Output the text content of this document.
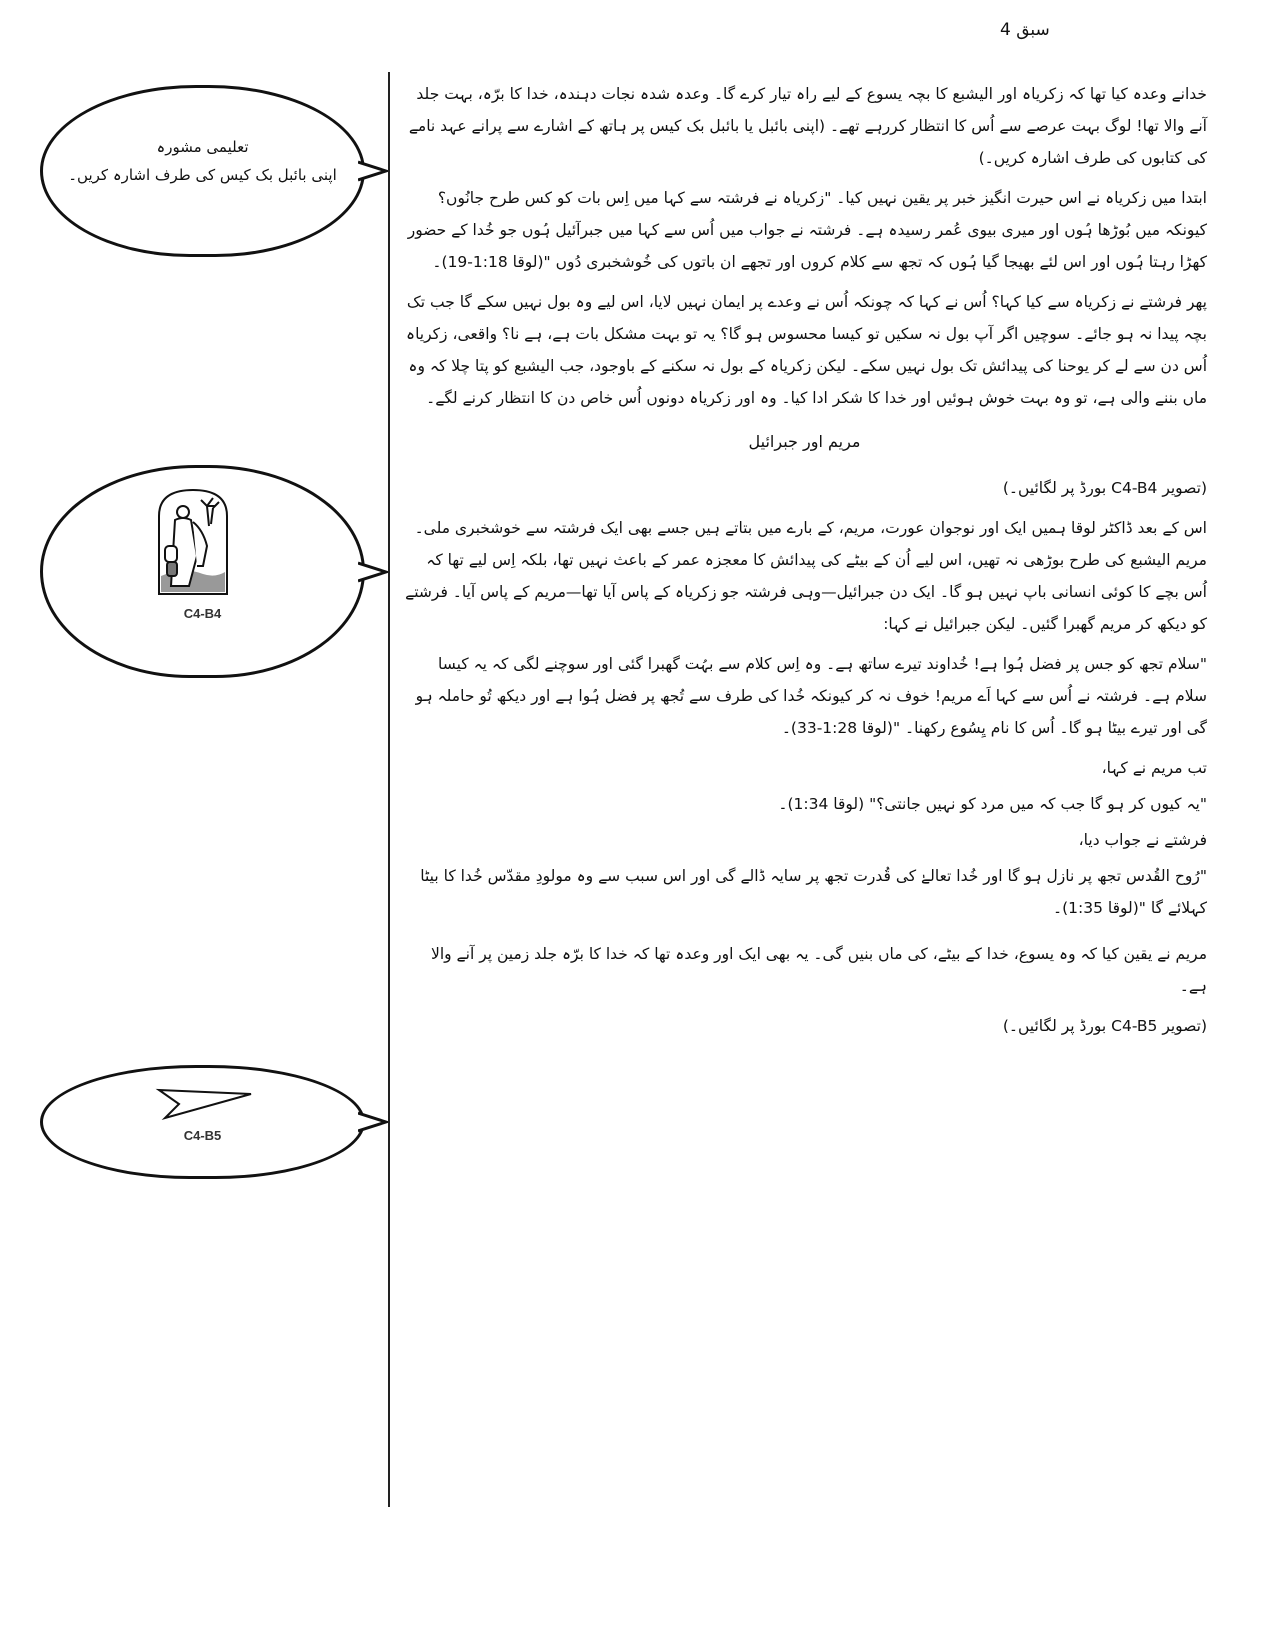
سبق 4
تعلیمی مشورہ
اپنی بائبل بک کیس کی طرف اشارہ کریں۔
C4-B4
C4-B5

خدانے وعدہ کیا تھا کہ زکریاہ اور الیشبع کا بچہ یسوع کے لیے راہ تیار کرے گا۔ وعدہ شدہ نجات دہندہ، خدا کا برّہ، بہت جلد آنے والا تھا! لوگ بہت عرصے سے اُس کا انتظار کررہے تھے۔ (اپنی بائبل یا بائبل بک کیس پر ہاتھ کے اشارے سے پرانے عہد نامے کی کتابوں کی طرف اشارہ کریں۔)

ابتدا میں زکریاہ نے اس حیرت انگیز خبر پر یقین نہیں کیا۔ "زکریاہ نے فرشتہ سے کہا میں اِس بات کو کس طرح جانُوں؟ کیونکہ میں بُوڑھا ہُوں اور میری بیوی عُمر رسیدہ ہے۔ فرشتہ نے جواب میں اُس سے کہا میں جبرآئیل ہُوں جو خُدا کے حضور کھڑا رہتا ہُوں اور اس لئے بھیجا گیا ہُوں کہ تجھ سے کلام کروں اور تجھے ان باتوں کی خُوشخبری دُوں "(لوقا 1:18-19)۔

پھر فرشتے نے زکریاہ سے کیا کہا؟ اُس نے کہا کہ چونکہ اُس نے وعدے پر ایمان نہیں لایا، اس لیے وہ بول نہیں سکے گا جب تک بچہ پیدا نہ ہو جائے۔ سوچیں اگر آپ بول نہ سکیں تو کیسا محسوس ہو گا؟ یہ تو بہت مشکل بات ہے، ہے نا؟ واقعی، زکریاہ اُس دن سے لے کر یوحنا کی پیدائش تک بول نہیں سکے۔ لیکن زکریاہ کے بول نہ سکنے کے باوجود، جب الیشبع کو پتا چلا کہ وہ ماں بننے والی ہے، تو وہ بہت خوش ہوئیں اور خدا کا شکر ادا کیا۔ وہ اور زکریاہ دونوں اُس خاص دن کا انتظار کرنے لگے۔

مریم اور جبرائیل

(تصویر C4-B4 بورڈ پر لگائیں۔)

اس کے بعد ڈاکٹر لوقا ہمیں ایک اور نوجوان عورت، مریم، کے بارے میں بتاتے ہیں جسے بھی ایک فرشتہ سے خوشخبری ملی۔ مریم الیشبع کی طرح بوڑھی نہ تھیں، اس لیے اُن کے بیٹے کی پیدائش کا معجزہ عمر کے باعث نہیں تھا، بلکہ اِس لیے تھا کہ اُس بچے کا کوئی انسانی باپ نہیں ہو گا۔ ایک دن جبرائیل—وہی فرشتہ جو زکریاہ کے پاس آیا تھا—مریم کے پاس آیا۔ فرشتے کو دیکھ کر مریم گھبرا گئیں۔ لیکن جبرائیل نے کہا:

"سلام تجھ کو جس پر فضل ہُوا ہے! خُداوند تیرے ساتھ ہے۔ وہ اِس کلام سے بہُت گھبرا گئی اور سوچنے لگی کہ یہ کیسا سلام ہے۔ فرشتہ نے اُس سے کہا اَے مریم! خوف نہ کر کیونکہ خُدا کی طرف سے تُجھ پر فضل ہُوا ہے اور دیکھ تُو حاملہ ہو گی اور تیرے بیٹا ہو گا۔ اُس کا نام یِسُوع رکھنا۔ "(لوقا 1:28-33)۔

تب مریم نے کہا،

"یہ کیوں کر ہو گا جب کہ میں مرد کو نہیں جانتی؟" (لوقا 1:34)۔

فرشتے نے جواب دیا،

"رُوح القُدس تجھ پر نازل ہو گا اور خُدا تعالےٰ کی قُدرت تجھ پر سایہ ڈالے گی اور اس سبب سے وہ مولودِ مقدّس خُدا کا بیٹا کہلائے گا "(لوقا 1:35)۔

مریم نے یقین کیا کہ وہ یسوع، خدا کے بیٹے، کی ماں بنیں گی۔ یہ بھی ایک اور وعدہ تھا کہ خدا کا برّہ جلد زمین پر آنے والا ہے۔

(تصویر C4-B5 بورڈ پر لگائیں۔)
